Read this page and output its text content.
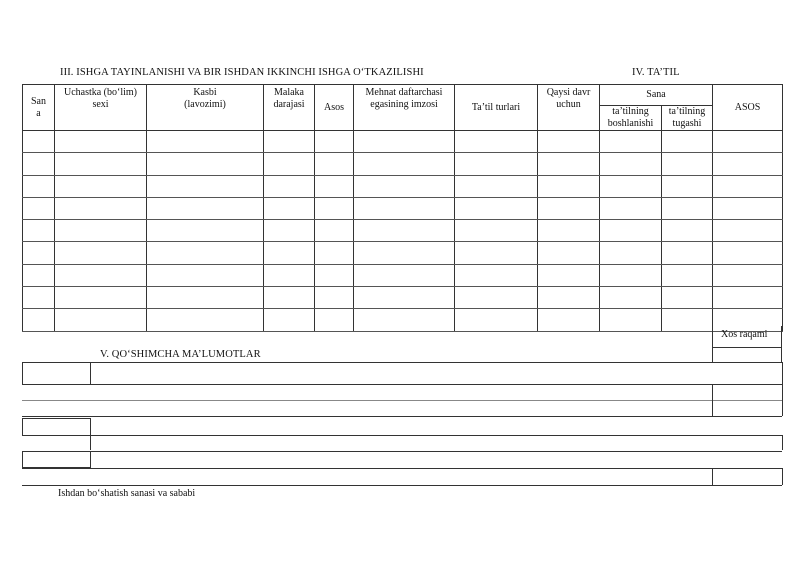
III. ISHGA TAYINLANISHI VA BIR ISHDAN IKKINCHI ISHGA O‘TKAZILISHI	IV. TA’TIL
San a	Uchastka (bo‘lim) sexi	Kasbi (lavozimi)	Malaka darajasi	Asos	Mehnat daftarchasi egasining imzosi	Ta’til turlari	Qaysi davr uchun	Sana		ASOS
								ta’tilning boshlanishi	ta’tilning tugashi	

Xos raqami
V. QO‘SHIMCHA MA’LUMOTLAR
Ishdan bo‘shatish sanasi va sababi
